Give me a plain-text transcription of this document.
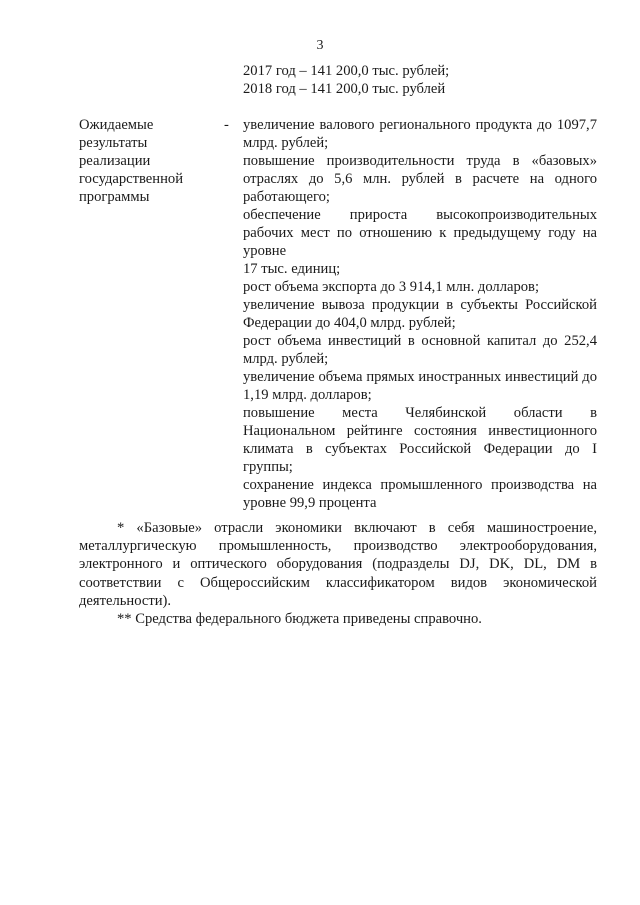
3
2017 год – 141 200,0 тыс. рублей;
2018 год – 141 200,0 тыс. рублей
Ожидаемые
результаты
реализации
государственной
программы
- увеличение валового регионального продукта до 1097,7 млрд. рублей;
повышение производительности труда в «базовых» отраслях до 5,6 млн. рублей в расчете на одного работающего;
обеспечение прироста высокопроизводительных рабочих мест по отношению к предыдущему году на уровне
17 тыс. единиц;
рост объема экспорта до 3 914,1 млн. долларов;
увеличение вывоза продукции в субъекты Российской Федерации до 404,0 млрд. рублей;
рост объема инвестиций в основной капитал до 252,4 млрд. рублей;
увеличение объема прямых иностранных инвестиций до 1,19 млрд. долларов;
повышение места Челябинской области в Национальном рейтинге состояния инвестиционного климата в субъектах Российской Федерации до I группы;
сохранение индекса промышленного производства на уровне 99,9 процента
* «Базовые» отрасли экономики включают в себя машиностроение, металлургическую промышленность, производство электрооборудования, электронного и оптического оборудования (подразделы DJ, DK, DL, DM в соответствии с Общероссийским классификатором видов экономической деятельности).
** Средства федерального бюджета приведены справочно.
